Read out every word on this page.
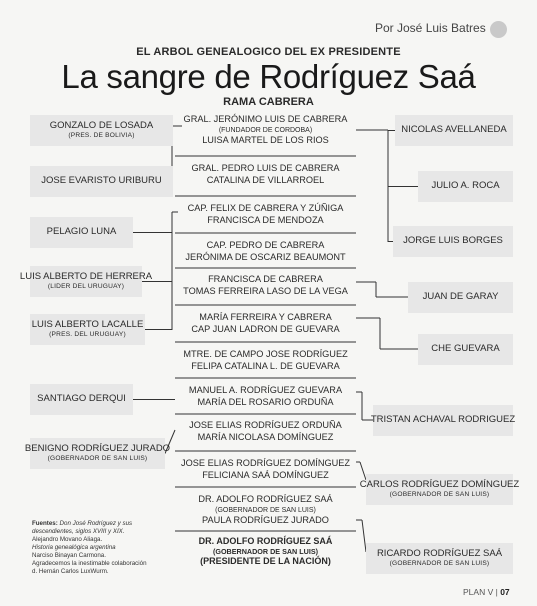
Por José Luis Batres
EL ARBOL GENEALOGICO DEL EX PRESIDENTE
La sangre de Rodríguez Saá
RAMA CABRERA
GRAL. JERÓNIMO LUIS DE CABRERA
(FUNDADOR DE CORDOBA)
LUISA MARTEL DE LOS RIOS
GRAL. PEDRO LUIS DE CABRERA
CATALINA DE VILLARROEL
CAP. FELIX DE CABRERA Y ZÚÑIGA
FRANCISCA DE MENDOZA
CAP. PEDRO DE CABRERA
JERÓNIMA DE OSCARIZ BEAUMONT
FRANCISCA DE CABRERA
TOMAS FERREIRA LASO DE LA VEGA
MARÍA FERREIRA Y CABRERA
CAP JUAN LADRON DE GUEVARA
MTRE. DE CAMPO JOSE RODRÍGUEZ
FELIPA CATALINA L. DE GUEVARA
MANUEL A. RODRÍGUEZ GUEVARA
MARÍA DEL ROSARIO ORDUÑA
JOSE ELIAS RODRÍGUEZ ORDUÑA
MARÍA NICOLASA DOMÍNGUEZ
JOSE ELIAS RODRÍGUEZ DOMÍNGUEZ
FELICIANA SAÁ DOMÍNGUEZ
DR. ADOLFO RODRÍGUEZ SAÁ
(GOBERNADOR DE SAN LUIS)
PAULA RODRÍGUEZ JURADO
DR. ADOLFO RODRÍGUEZ SAÁ
(GOBERNADOR DE SAN LUIS)
(PRESIDENTE DE LA NACIÓN)
GONZALO DE LOSADA
(PRES. DE BOLIVIA)
JOSE EVARISTO URIBURU
PELAGIO LUNA
LUIS ALBERTO DE HERRERA
(LIDER DEL URUGUAY)
LUIS ALBERTO LACALLE
(PRES. DEL URUGUAY)
SANTIAGO DERQUI
BENIGNO RODRÍGUEZ JURADO
(GOBERNADOR DE SAN LUIS)
NICOLAS AVELLANEDA
JULIO A. ROCA
JORGE LUIS BORGES
JUAN DE GARAY
CHE GUEVARA
TRISTAN ACHAVAL RODRIGUEZ
CARLOS RODRÍGUEZ DOMÍNGUEZ
(GOBERNADOR DE SAN LUIS)
RICARDO RODRÍGUEZ SAÁ
(GOBERNADOR DE SAN LUIS)
Fuentes: Don José Rodríguez y sus
descendientes, siglos XVIII y XIX.
Alejandro Movano Aliaga.
Historia genealógica argentina
Narciso Binayan Carmona.
Agradecemos la inestimable colaboración
d. Hernán Carlos LuxWurm.
PLAN V | 07
